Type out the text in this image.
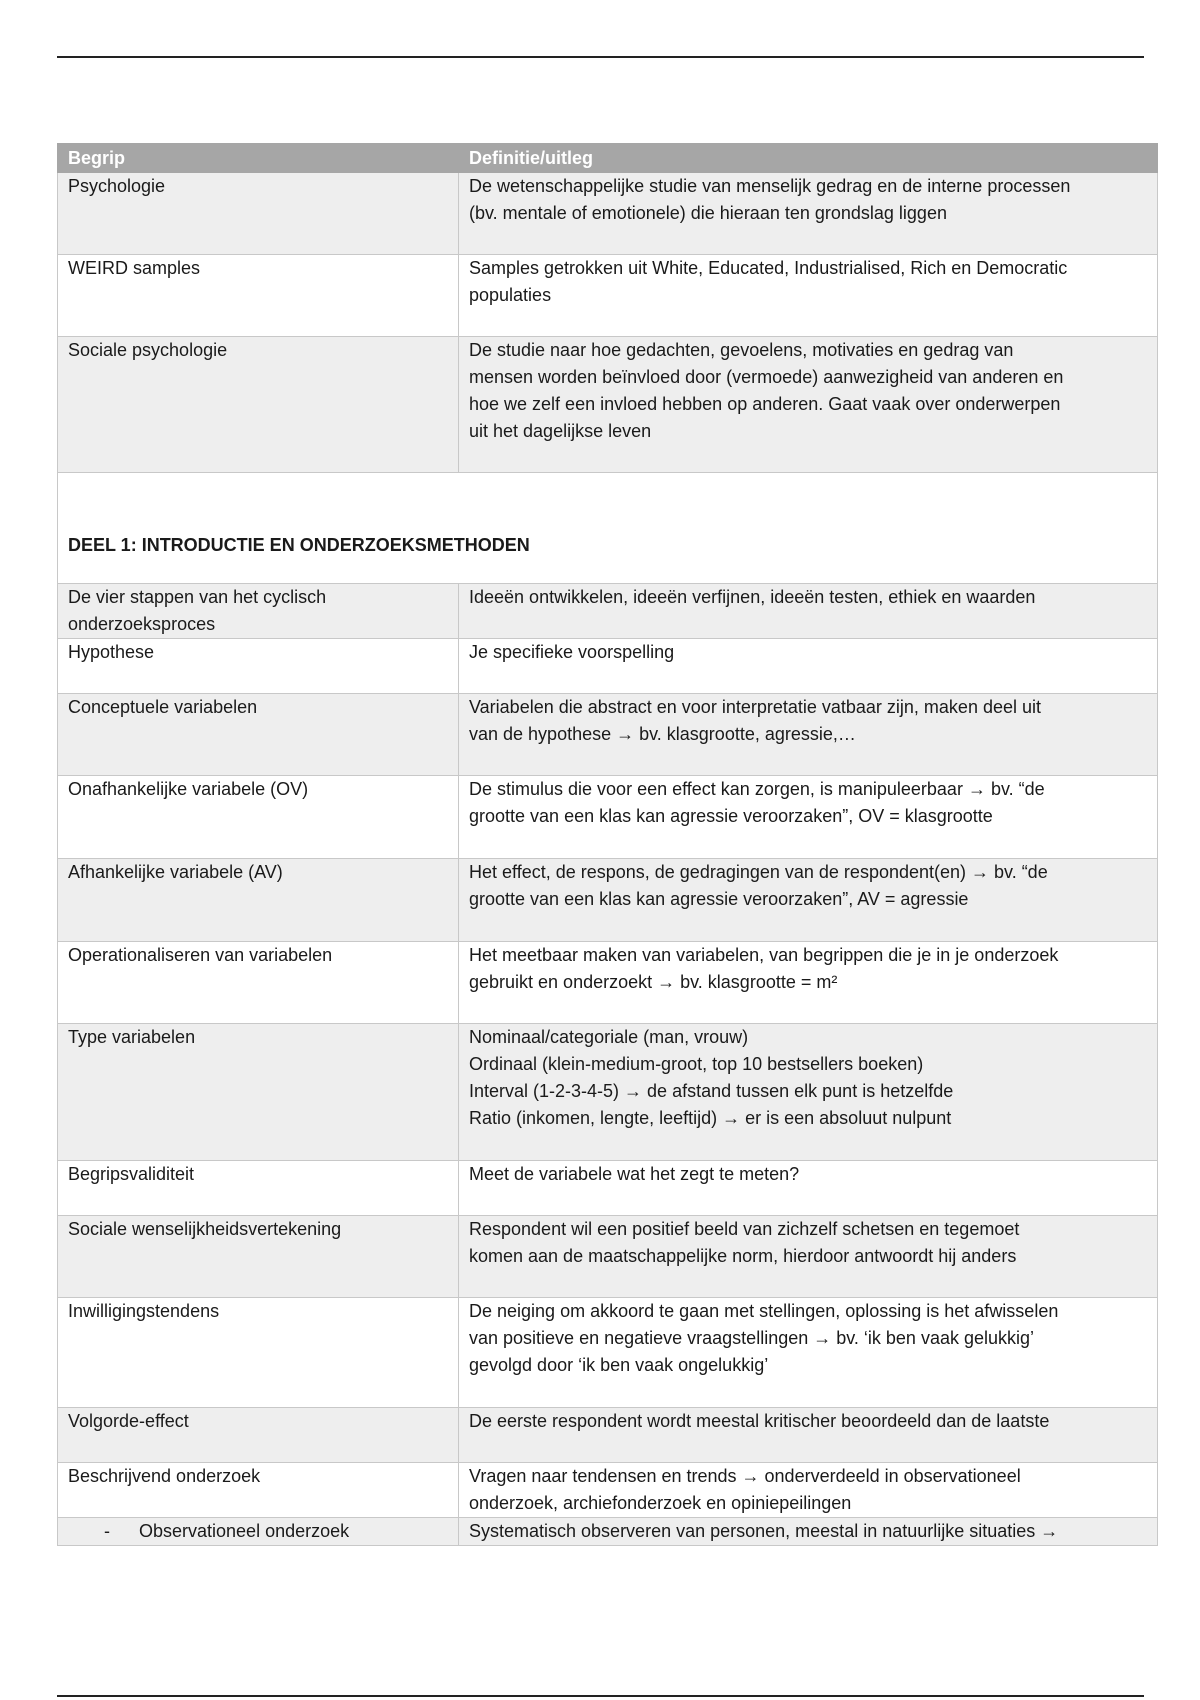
Begrip	Definitie/uitleg
Psychologie	De wetenschappelijke studie van menselijk gedrag en de interne processen
(bv. mentale of emotionele) die hieraan ten grondslag liggen
WEIRD samples	Samples getrokken uit White, Educated, Industrialised, Rich en Democratic
populaties
Sociale psychologie	De studie naar hoe gedachten, gevoelens, motivaties en gedrag van
mensen worden beïnvloed door (vermoede) aanwezigheid van anderen en
hoe we zelf een invloed hebben op anderen. Gaat vaak over onderwerpen
uit het dagelijkse leven
DEEL 1: INTRODUCTIE EN ONDERZOEKSMETHODEN	
De vier stappen van het cyclisch
onderzoeksproces	Ideeën ontwikkelen, ideeën verfijnen, ideeën testen, ethiek en waarden
Hypothese	Je specifieke voorspelling
Conceptuele variabelen	Variabelen die abstract en voor interpretatie vatbaar zijn, maken deel uit
van de hypothese → bv. klasgrootte, agressie,…
Onafhankelijke variabele (OV)	De stimulus die voor een effect kan zorgen, is manipuleerbaar → bv. “de
grootte van een klas kan agressie veroorzaken”, OV = klasgrootte
Afhankelijke variabele (AV)	Het effect, de respons, de gedragingen van de respondent(en) → bv. “de
grootte van een klas kan agressie veroorzaken”, AV = agressie
Operationaliseren van variabelen	Het meetbaar maken van variabelen, van begrippen die je in je onderzoek
gebruikt en onderzoekt → bv. klasgrootte = m²
Type variabelen	Nominaal/categoriale (man, vrouw)
Ordinaal (klein-medium-groot, top 10 bestsellers boeken)
Interval (1-2-3-4-5) → de afstand tussen elk punt is hetzelfde
Ratio (inkomen, lengte, leeftijd) → er is een absoluut nulpunt
Begripsvaliditeit	Meet de variabele wat het zegt te meten?
Sociale wenselijkheidsvertekening	Respondent wil een positief beeld van zichzelf schetsen en tegemoet
komen aan de maatschappelijke norm, hierdoor antwoordt hij anders
Inwilligingstendens	De neiging om akkoord te gaan met stellingen, oplossing is het afwisselen
van positieve en negatieve vraagstellingen → bv. ‘ik ben vaak gelukkig’
gevolgd door ‘ik ben vaak ongelukkig’
Volgorde-effect	De eerste respondent wordt meestal kritischer beoordeeld dan de laatste
Beschrijvend onderzoek	Vragen naar tendensen en trends → onderverdeeld in observationeel
onderzoek, archiefonderzoek en opiniepeilingen

- Observationeel onderzoek	Systematisch observeren van personen, meestal in natuurlijke situaties →
